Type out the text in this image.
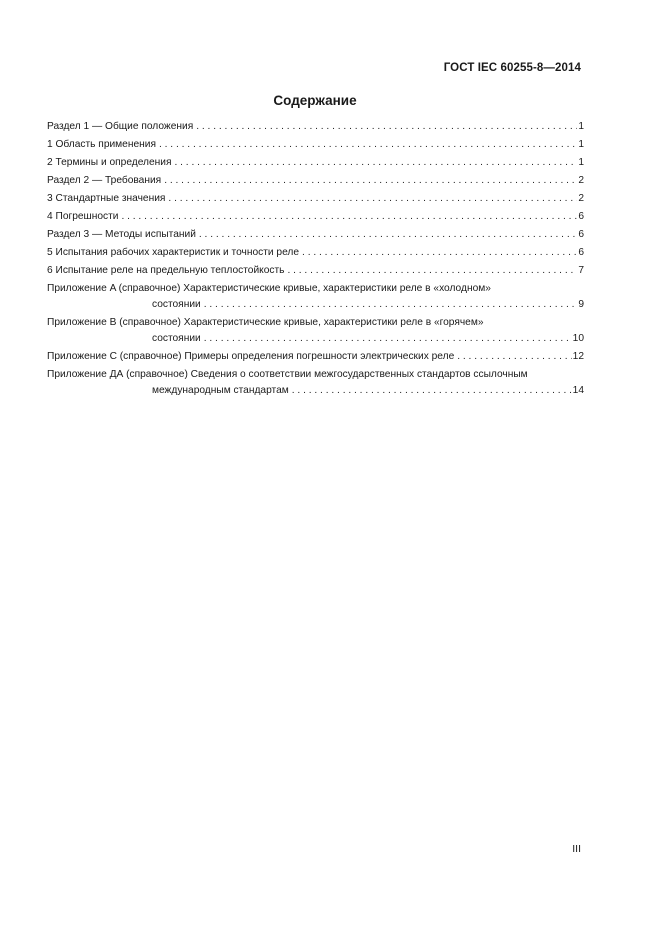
ГОСТ IEC 60255-8—2014
Содержание
Раздел 1 — Общие положения . . .	1
1 Область применения . . .	1
2 Термины и определения . . .	1
Раздел 2 — Требования . . .	2
3 Стандартные значения . . .	2
4 Погрешности . . .	6
Раздел 3 — Методы испытаний . . .	6
5 Испытания рабочих характеристик и точности реле . . .	6
6 Испытание реле на предельную теплостойкость . . .	7
Приложение A (справочное) Характеристические кривые, характеристики реле в «холодном»
состоянии . . .	9
Приложение B (справочное) Характеристические кривые, характеристики реле в «горячем»
состоянии . . .	10
Приложение C (справочное) Примеры определения погрешности электрических реле . . .	12
Приложение ДА (справочное) Сведения о соответствии межгосударственных стандартов ссылочным
международным стандартам . . .	14
III
